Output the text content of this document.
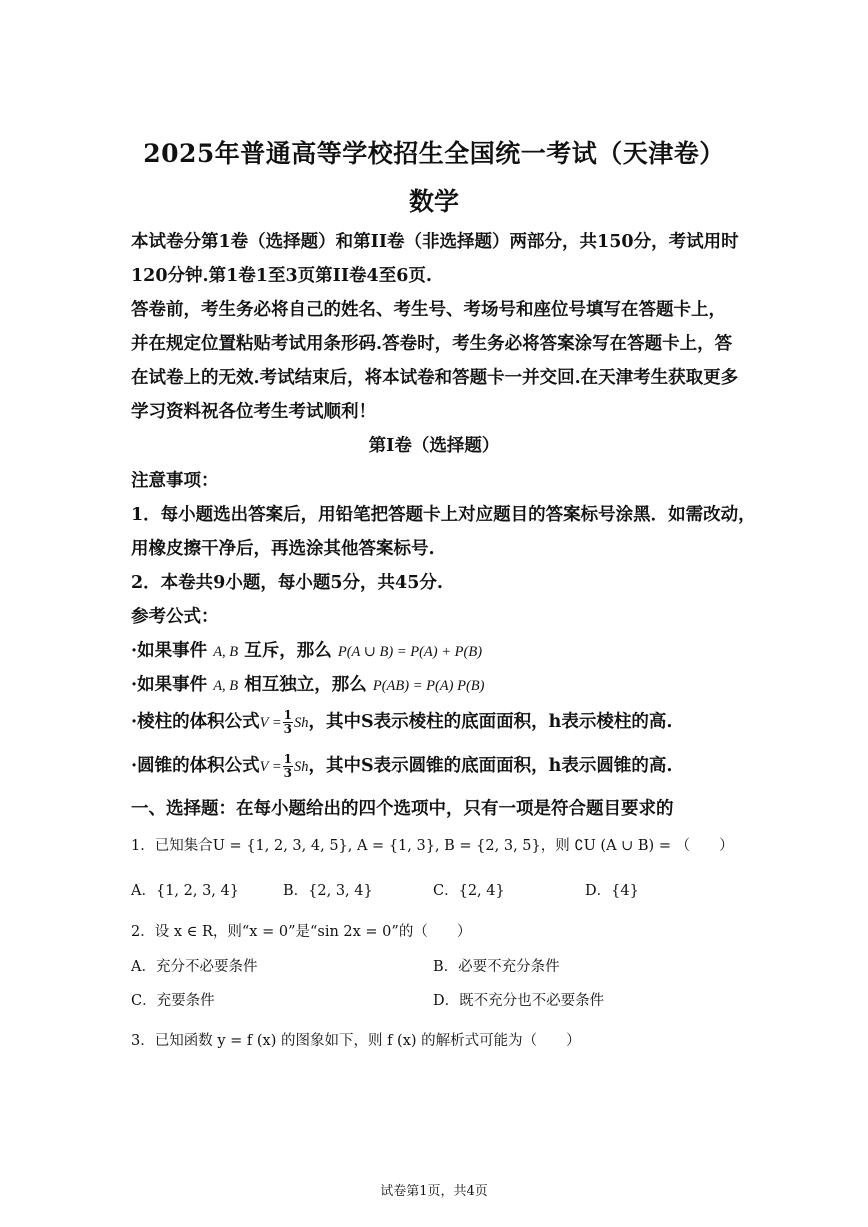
2025年普通高等学校招生全国统一考试（天津卷）
数学
本试卷分第1卷（选择题）和第II卷（非选择题）两部分，共150分，考试用时
120分钟.第1卷1至3页第II卷4至6页.
答卷前，考生务必将自己的姓名、考生号、考场号和座位号填写在答题卡上，
并在规定位置粘贴考试用条形码.答卷时，考生务必将答案涂写在答题卡上，答
在试卷上的无效.考试结束后，将本试卷和答题卡一并交回.在天津考生获取更多
学习资料祝各位考生考试顺利！
第I卷（选择题）
注意事项：
1．每小题选出答案后，用铅笔把答题卡上对应题目的答案标号涂黑．如需改动，
用橡皮擦干净后，再选涂其他答案标号.
2．本卷共9小题，每小题5分，共45分.
参考公式：
·如果事件 A, B 互斥，那么 P(A ∪ B) = P(A) + P(B)
·如果事件 A, B 相互独立，那么 P(AB) = P(A) P(B)
·棱柱的体积公式$V = \frac{1}{3}$ Sh，其中S表示棱柱的底面面积，h表示棱柱的高.
·圆锥的体积公式$V = \frac{1}{3}$ Sh，其中S表示圆锥的底面面积，h表示圆锥的高.
一、选择题：在每小题给出的四个选项中，只有一项是符合题目要求的
1．已知集合U = {1, 2, 3, 4, 5}, A = {1, 3}, B = {2, 3, 5}，则 ∁U (A ∪ B) = （　　）
A．{1, 2, 3, 4}	B．{2, 3, 4}	C．{2, 4}	D．{4}
2．设 x ∈ R，则“x = 0”是“sin 2x = 0”的（　　）
A．充分不必要条件	B．必要不充分条件
C．充要条件	D．既不充分也不必要条件
3．已知函数 y = f (x) 的图象如下，则 f (x) 的解析式可能为（　　）
试卷第1页，共4页
